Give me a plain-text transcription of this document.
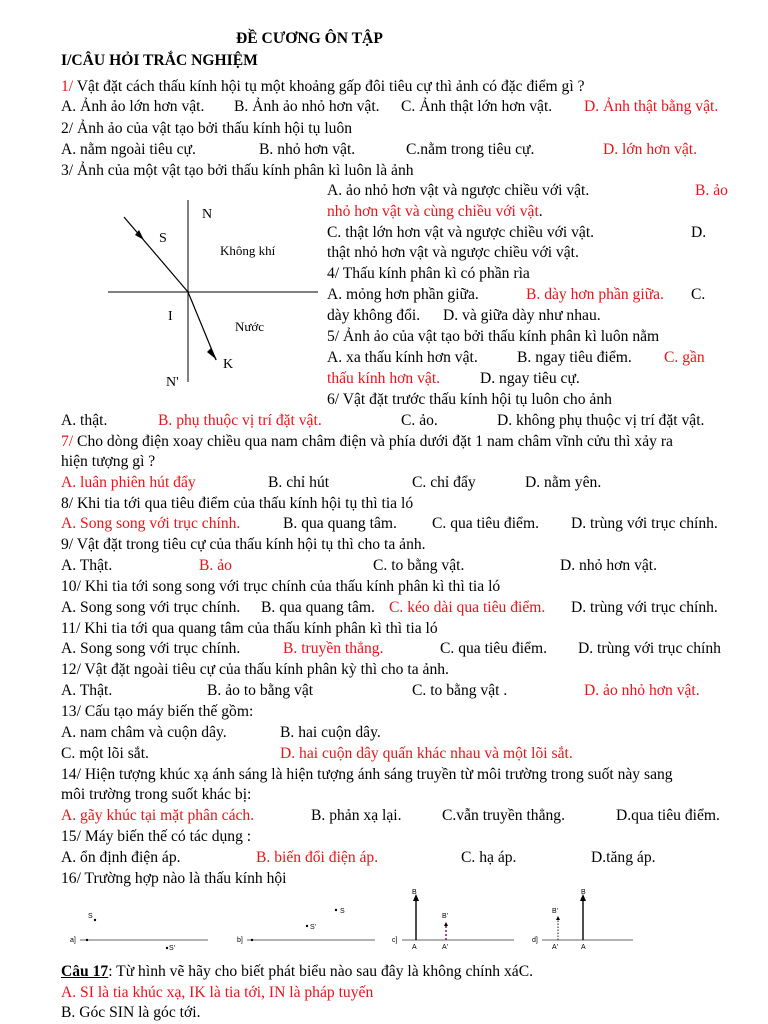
ĐỀ CƯƠNG ÔN TẬP
I/CÂU HỎI TRẮC NGHIỆM
1/ Vật đặt cách thấu kính hội tụ một khoảng gấp đôi tiêu cự thì ảnh có đặc điểm gì ?
A. Ảnh ảo lớn hơn vật. B. Ảnh ảo nhỏ hơn vật. C. Ảnh thật lớn hơn vật. D. Ảnh thật bằng vật.
2/ Ảnh ảo của vật tạo bởi thấu kính hội tụ luôn
A. nằm ngoài tiêu cự.	B. nhỏ hơn vật.	C.nằm trong tiêu cự.	D. lớn hơn vật.
3/ Ảnh của một vật tạo bởi thấu kính phân kì luôn là ảnh
A. ảo nhỏ hơn vật và ngược chiều với vật.	B. ảo
nhỏ hơn vật và cùng chiều với vật.
C. thật lớn hơn vật và ngược chiều với vật.	D.
thật nhỏ hơn vật và ngược chiều với vật.
4/ Thấu kính phân kì có phần rìa
A. mỏng hơn phần giữa.	B. dày hơn phần giữa. C.
dày không đổi. D. và giữa dày như nhau.
5/ Ảnh ảo của vật tạo bởi thấu kính phân kì luôn nằm
A. xa thấu kính hơn vật.	B. ngay tiêu điểm. C. gần
thấu kính hơn vật.	D. ngay tiêu cự.
6/ Vật đặt trước thấu kính hội tụ luôn cho ảnh
A. thật.	B. phụ thuộc vị trí đặt vật.	C. ảo.	D. không phụ thuộc vị trí đặt vật.
N
S
Không khí
I
Nước
K
N'
7/ Cho dòng điện xoay chiều qua nam châm điện và phía dưới đặt 1 nam châm vĩnh cửu thì xảy ra
hiện tượng gì ?
A. luân phiên hút đẩy	B. chỉ hút	C. chỉ đẩy	D. nằm yên.
8/ Khi tia tới qua tiêu điểm của thấu kính hội tụ thì tia ló
A. Song song với trục chính.	B. qua quang tâm. C. qua tiêu điểm. D. trùng với trục chính.
9/ Vật đặt trong tiêu cự của thấu kính hội tụ thì cho ta ảnh.
A. Thật.	B. ảo	C. to bằng vật.	D. nhỏ hơn vật.
10/ Khi tia tới song song với trục chính của thấu kính phân kì thì tia ló
A. Song song với trục chính. B. qua quang tâm. C. kéo dài qua tiêu điểm. D. trùng với trục chính.
11/ Khi tia tới qua quang tâm của thấu kính phân kì thì tia ló
A. Song song với trục chính.	B. truyền thẳng.	C. qua tiêu điểm. D. trùng với trục chính
12/ Vật đặt ngoài tiêu cự của thấu kính phân kỳ thì cho ta ảnh.
A. Thật.	B. ảo to bằng vật	C. to bằng vật .	D. ảo nhỏ hơn vật.
13/ Cấu tạo máy biến thế gồm:
A. nam châm và cuộn dây.	B. hai cuộn dây.
C. một lõi sắt.	D. hai cuộn dây quấn khác nhau và một lõi sắt.
14/ Hiện tượng khúc xạ ánh sáng là hiện tượng ánh sáng truyền từ môi trường trong suốt này sang
môi trường trong suốt khác bị:
A. gãy khúc tại mặt phân cách.	B. phản xạ lại.	C.vẫn truyền thẳng.	D.qua tiêu điểm.
15/ Máy biến thế có tác dụng :
A. ổn định điện áp.	B. biến đổi điện áp.	C. hạ áp.	D.tăng áp.
16/ Trường hợp nào là thấu kính hội
a]
S
S'
b]
S
S'
c]
B
B'
A	A'
d]
B
B'
A'	A
Câu 17: Từ hình vẽ hãy cho biết phát biểu nào sau đây là không chính xáC.
A. SI là tia khúc xạ, IK là tia tới, IN là pháp tuyến
B. Góc SIN là góc tới.
